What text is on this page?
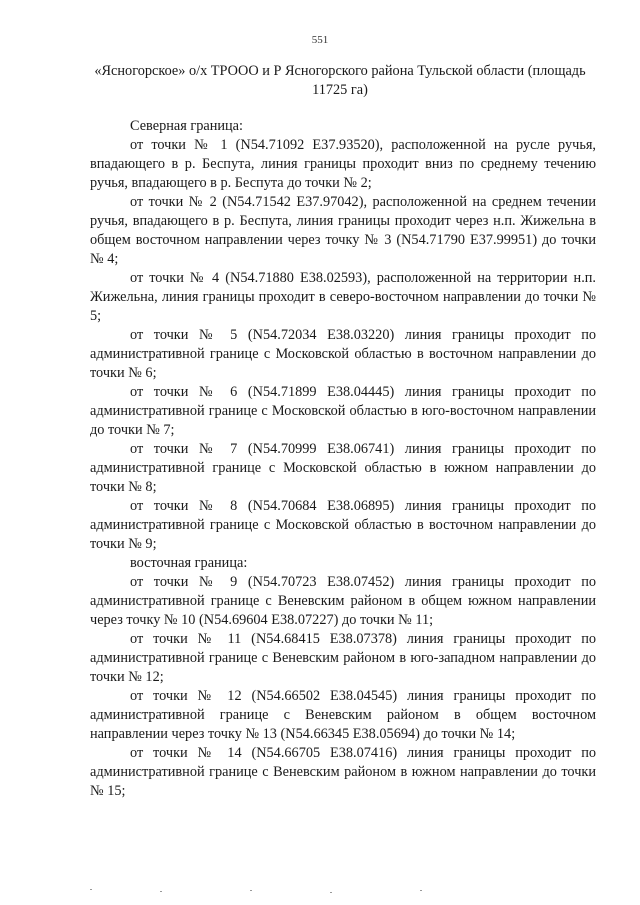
551
«Ясногорское» о/х ТРООО и Р Ясногорского района Тульской области (площадь 11725 га)

Северная граница:

от точки № 1 (N54.71092 E37.93520), расположенной на русле ручья, впадающего в р. Беспута, линия границы проходит вниз по среднему течению ручья, впадающего в р. Беспута до точки № 2;

от точки № 2 (N54.71542 E37.97042), расположенной на среднем течении ручья, впадающего в р. Беспута, линия границы проходит через н.п. Жижельна в общем восточном направлении через точку № 3 (N54.71790 E37.99951) до точки № 4;

от точки № 4 (N54.71880 E38.02593), расположенной на территории н.п. Жижельна, линия границы проходит в северо-восточном направлении до точки № 5;

от точки № 5 (N54.72034 E38.03220) линия границы проходит по административной границе с Московской областью в восточном направлении до точки № 6;

от точки № 6 (N54.71899 E38.04445) линия границы проходит по административной границе с Московской областью в юго-восточном направлении до точки № 7;

от точки № 7 (N54.70999 E38.06741) линия границы проходит по административной границе с Московской областью в южном направлении до точки № 8;

от точки № 8 (N54.70684 E38.06895) линия границы проходит по административной границе с Московской областью в восточном направлении до точки № 9;

восточная граница:

от точки № 9 (N54.70723 E38.07452) линия границы проходит по административной границе с Веневским районом в общем южном направлении через точку № 10 (N54.69604 E38.07227) до точки № 11;

от точки № 11 (N54.68415 E38.07378) линия границы проходит по административной границе с Веневским районом в юго-западном направлении до точки № 12;

от точки № 12 (N54.66502 E38.04545) линия границы проходит по административной границе с Веневским районом в общем восточном направлении через точку № 13 (N54.66345 E38.05694) до точки № 14;

от точки № 14 (N54.66705 E38.07416) линия границы проходит по административной границе с Веневским районом в южном направлении до точки № 15;
